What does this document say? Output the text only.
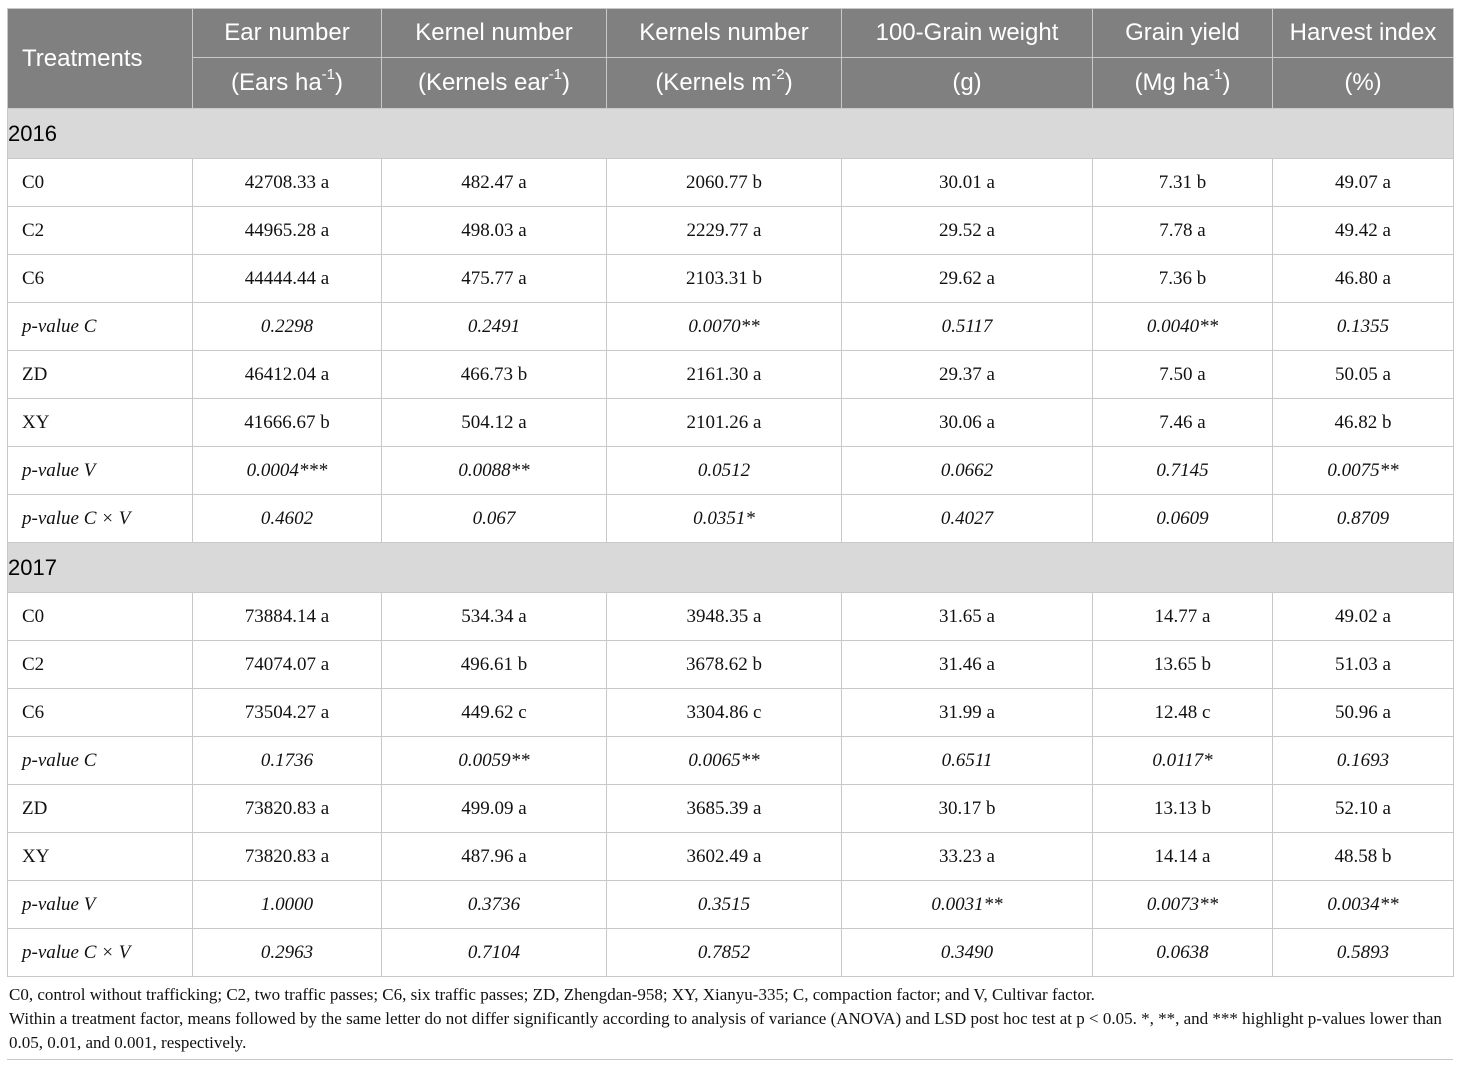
Treatments	Ear number	Kernel number	Kernels number	100-Grain weight	Grain yield	Harvest index
	(Ears $ha^{-1}$)	(Kernels ear$^{-1}$)	(Kernels $m^{-2}$)	(g)	(Mg $ha^{-1}$)	(%)
2016						
C0	42708.33 a	482.47 a	2060.77 b	30.01 a	7.31 b	49.07 a
C2	44965.28 a	498.03 a	2229.77 a	29.52 a	7.78 a	49.42 a
C6	44444.44 a	475.77 a	2103.31 b	29.62 a	7.36 b	46.80 a
p-value C	0.2298	0.2491	0.0070**	0.5117	0.0040**	0.1355
ZD	46412.04 a	466.73 b	2161.30 a	29.37 a	7.50 a	50.05 a
XY	41666.67 b	504.12 a	2101.26 a	30.06 a	7.46 a	46.82 b
p-value V	0.0004***	0.0088**	0.0512	0.0662	0.7145	0.0075**
p-value C × V	0.4602	0.067	0.0351*	0.4027	0.0609	0.8709
2017						
C0	73884.14 a	534.34 a	3948.35 a	31.65 a	14.77 a	49.02 a
C2	74074.07 a	496.61 b	3678.62 b	31.46 a	13.65 b	51.03 a
C6	73504.27 a	449.62 c	3304.86 c	31.99 a	12.48 c	50.96 a
p-value C	0.1736	0.0059**	0.0065**	0.6511	0.0117*	0.1693
ZD	73820.83 a	499.09 a	3685.39 a	30.17 b	13.13 b	52.10 a
XY	73820.83 a	487.96 a	3602.49 a	33.23 a	14.14 a	48.58 b
p-value V	1.0000	0.3736	0.3515	0.0031**	0.0073**	0.0034**
p-value C × V	0.2963	0.7104	0.7852	0.3490	0.0638	0.5893

C0, control without trafficking; C2, two traffic passes; C6, six traffic passes; ZD, Zhengdan-958; XY, Xianyu-335; C, compaction factor; and V, Cultivar factor.

Within a treatment factor, means followed by the same letter do not differ significantly according to analysis of variance (ANOVA) and LSD post hoc test at p < 0.05. *, **, and *** highlight p-values lower than 0.05, 0.01, and 0.001, respectively.
